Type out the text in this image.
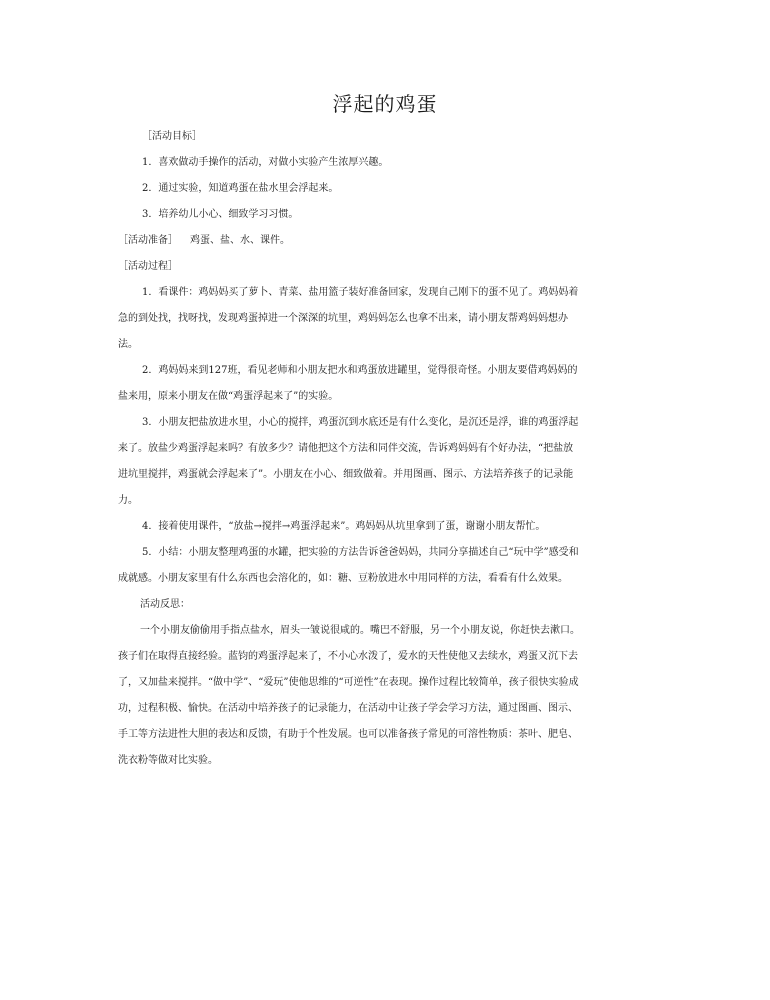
浮起的鸡蛋
［活动目标］
1．喜欢做动手操作的活动，对做小实验产生浓厚兴趣。
2．通过实验，知道鸡蛋在盐水里会浮起来。
3．培养幼儿小心、细致学习习惯。
［活动准备］ 鸡蛋、盐、水、课件。
［活动过程］
1．看课件：鸡妈妈买了萝卜、青菜、盐用篮子装好准备回家，发现自己刚下的蛋不见了。鸡妈妈着
急的到处找，找呀找，发现鸡蛋掉进一个深深的坑里，鸡妈妈怎么也拿不出来，请小朋友帮鸡妈妈想办
法。
2．鸡妈妈来到127班，看见老师和小朋友把水和鸡蛋放进罐里，觉得很奇怪。小朋友要借鸡妈妈的
盐来用，原来小朋友在做“鸡蛋浮起来了”的实验。
3．小朋友把盐放进水里，小心的搅拌，鸡蛋沉到水底还是有什么变化，是沉还是浮，谁的鸡蛋浮起
来了。放盐少鸡蛋浮起来吗？有放多少？请他把这个方法和同伴交流，告诉鸡妈妈有个好办法，“把盐放
进坑里搅拌，鸡蛋就会浮起来了”。小朋友在小心、细致做着。并用图画、图示、方法培养孩子的记录能
力。
4．接着使用课件，“放盐→搅拌→鸡蛋浮起来”。鸡妈妈从坑里拿到了蛋，谢谢小朋友帮忙。
5．小结：小朋友整理鸡蛋的水罐，把实验的方法告诉爸爸妈妈，共同分享描述自己“玩中学”感受和
成就感。小朋友家里有什么东西也会溶化的，如：糖、豆粉放进水中用同样的方法，看看有什么效果。
活动反思：
一个小朋友偷偷用手指点盐水，眉头一皱说很咸的。嘴巴不舒服，另一个小朋友说，你赶快去漱口。
孩子们在取得直接经验。蓝钧的鸡蛋浮起来了，不小心水泼了，爱水的天性使他又去续水，鸡蛋又沉下去
了，又加盐来搅拌。“做中学”、“爱玩”使他思维的“可逆性”在表现。操作过程比较简单，孩子很快实验成
功，过程积极、愉快。在活动中培养孩子的记录能力，在活动中让孩子学会学习方法，通过图画、图示、
手工等方法进性大胆的表达和反馈，有助于个性发展。也可以准备孩子常见的可溶性物质：茶叶、肥皂、
洗衣粉等做对比实验。
